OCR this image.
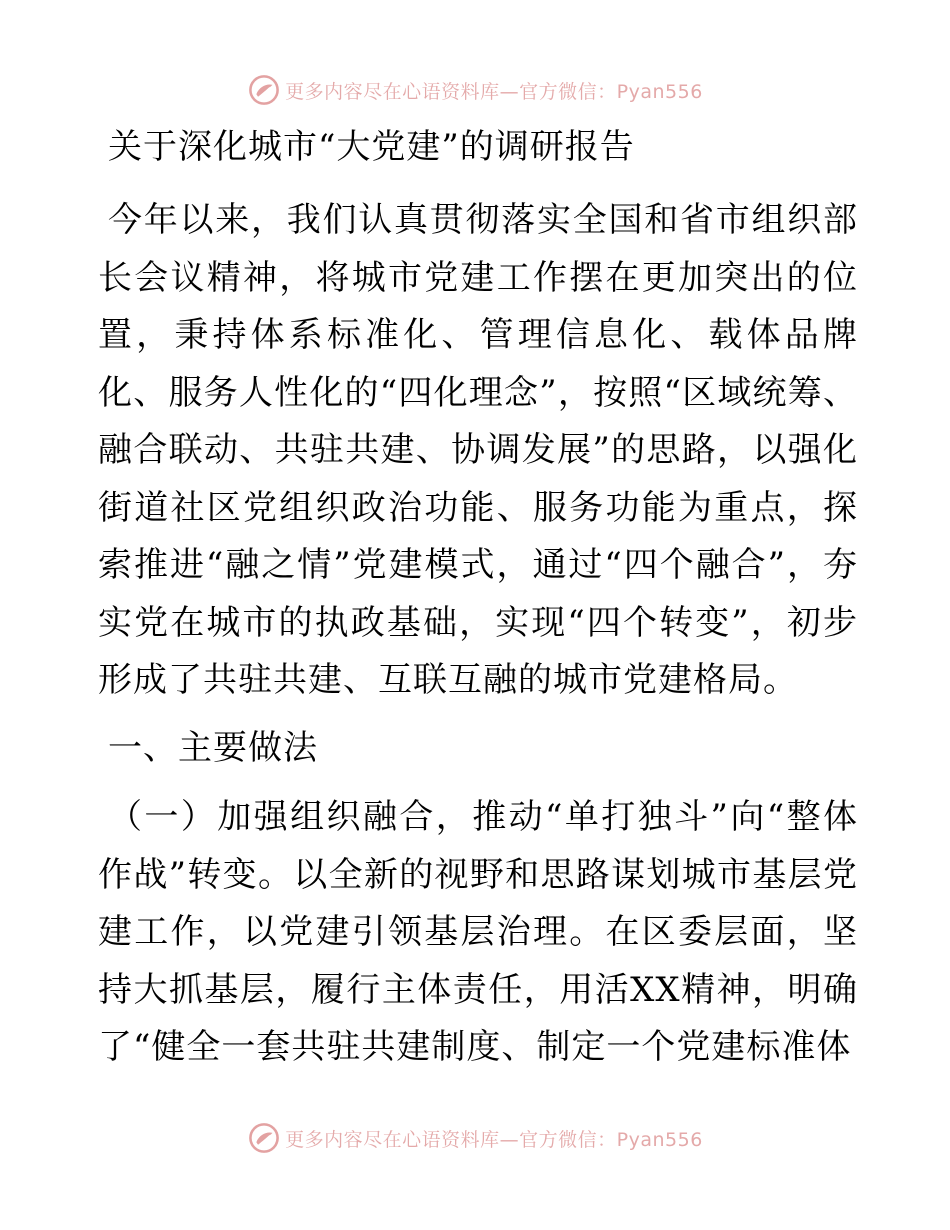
更多内容尽在心语资料库—官方微信：Pyan556
关于深化城市“大党建”的调研报告

今年以来，我们认真贯彻落实全国和省市组织部长会议精神，将城市党建工作摆在更加突出的位置，秉持体系标准化、管理信息化、载体品牌化、服务人性化的“四化理念”，按照“区域统筹、融合联动、共驻共建、协调发展”的思路，以强化街道社区党组织政治功能、服务功能为重点，探索推进“融之情”党建模式，通过“四个融合”，夯实党在城市的执政基础，实现“四个转变”，初步形成了共驻共建、互联互融的城市党建格局。

一、主要做法

（一）加强组织融合，推动“单打独斗”向“整体作战”转变。以全新的视野和思路谋划城市基层党建工作，以党建引领基层治理。在区委层面，坚持大抓基层，履行主体责任，用活XX精神，明确了“健全一套共驻共建制度、制定一个党建标准体

更多内容尽在心语资料库—官方微信：Pyan556
